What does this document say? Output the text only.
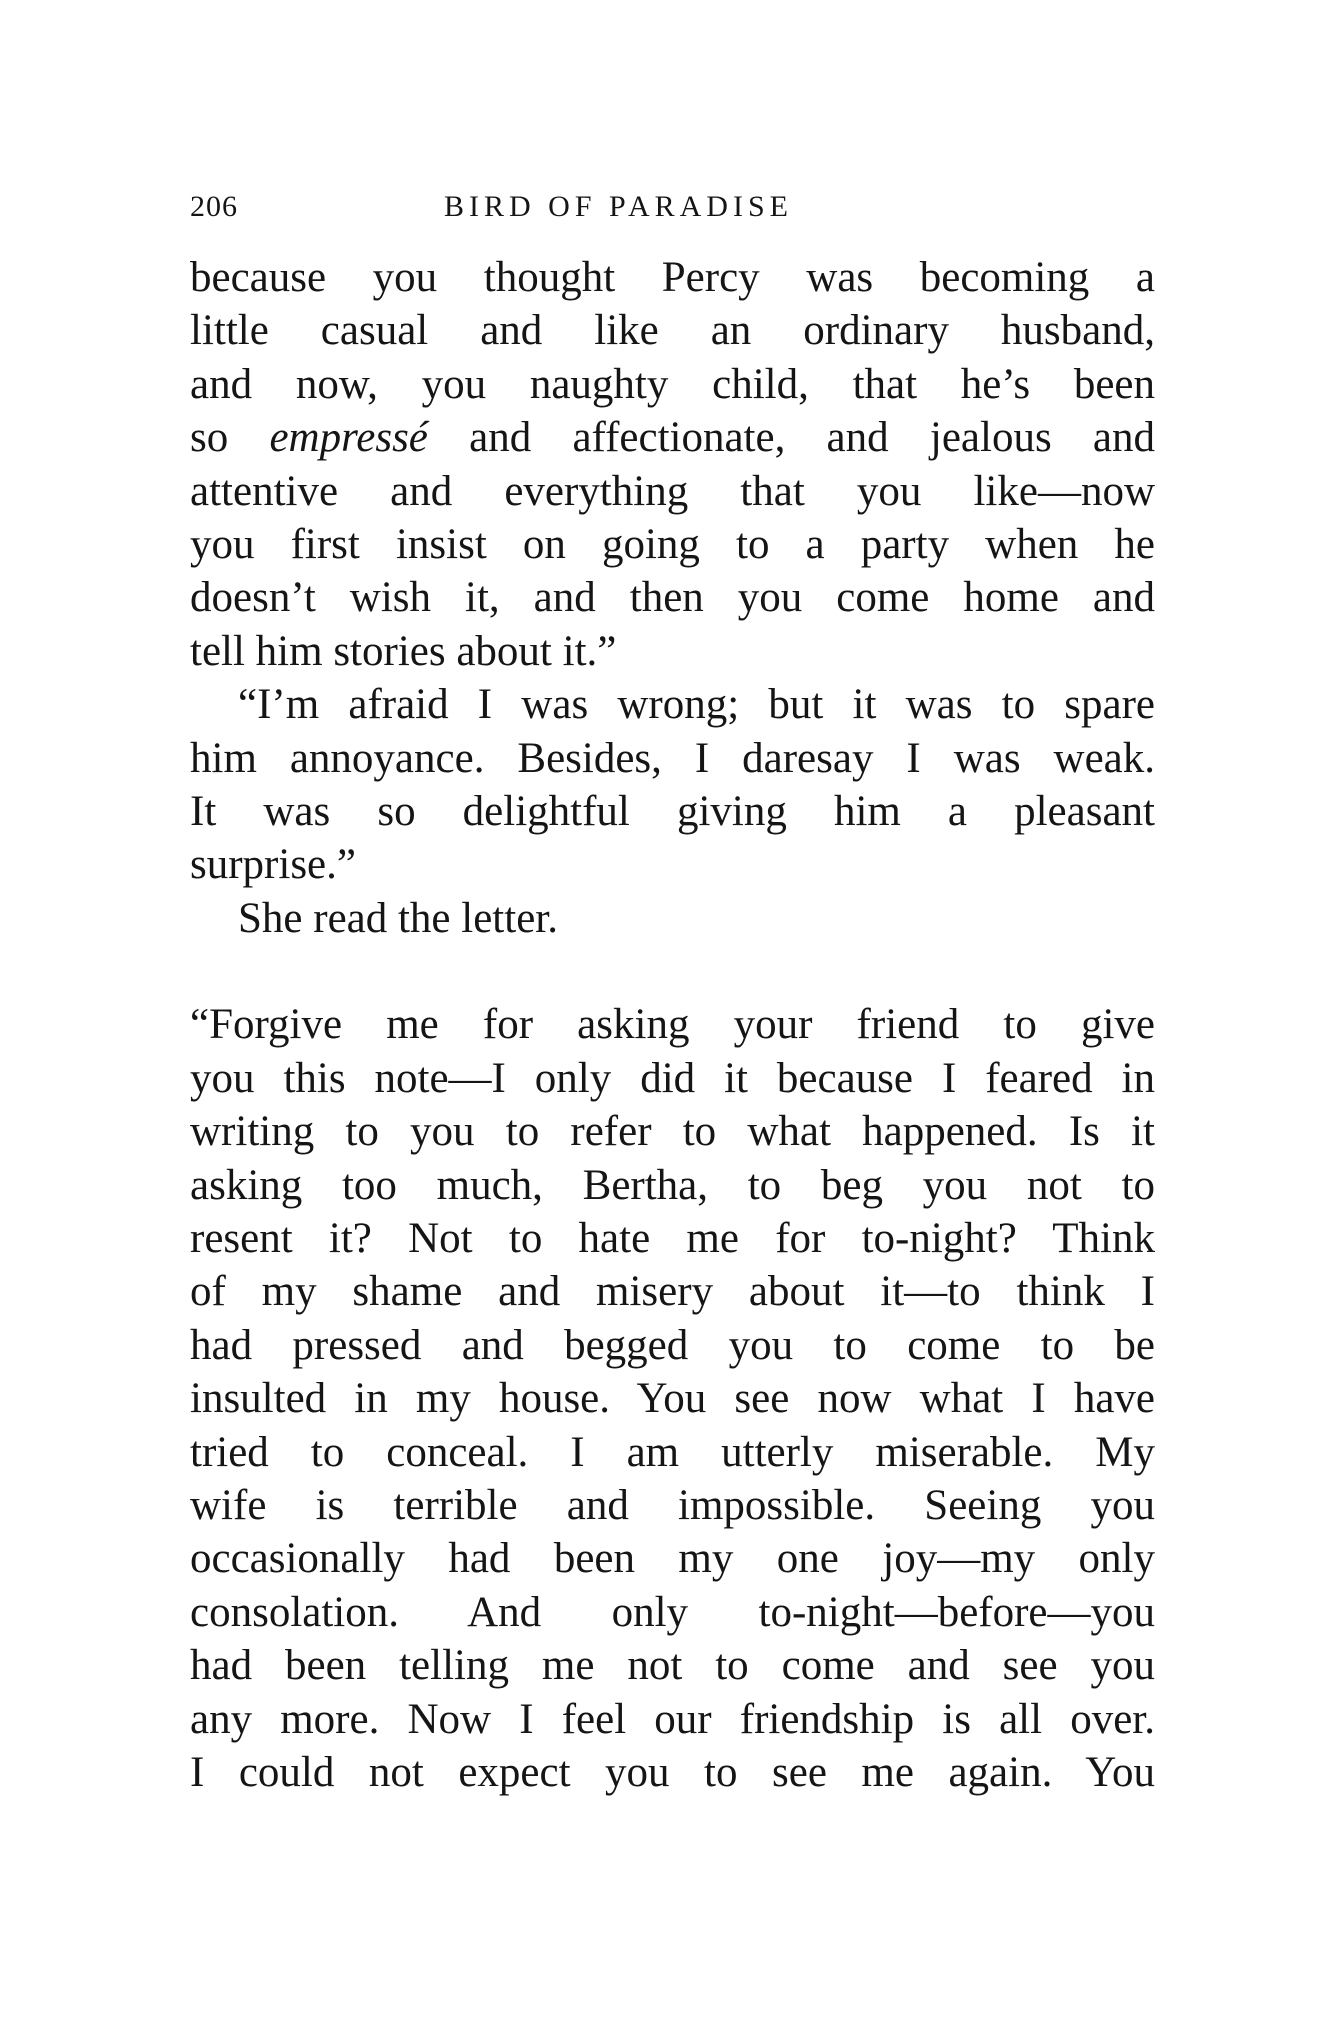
206	BIRD OF PARADISE
because you thought Percy was becoming a
little casual and like an ordinary husband,
and now, you naughty child, that he’s been
so empressé and affectionate, and jealous and
attentive and everything that you like—now
you first insist on going to a party when he
doesn’t wish it, and then you come home and
tell him stories about it.”
“I’m afraid I was wrong; but it was to spare
him annoyance. Besides, I daresay I was weak.
It was so delightful giving him a pleasant
surprise.”
She read the letter.
“Forgive me for asking your friend to give
you this note—I only did it because I feared in
writing to you to refer to what happened. Is it
asking too much, Bertha, to beg you not to
resent it? Not to hate me for to-night? Think
of my shame and misery about it—to think I
had pressed and begged you to come to be
insulted in my house. You see now what I have
tried to conceal. I am utterly miserable. My
wife is terrible and impossible. Seeing you
occasionally had been my one joy—my only
consolation. And only to-night—before—you
had been telling me not to come and see you
any more. Now I feel our friendship is all over.
I could not expect you to see me again. You
